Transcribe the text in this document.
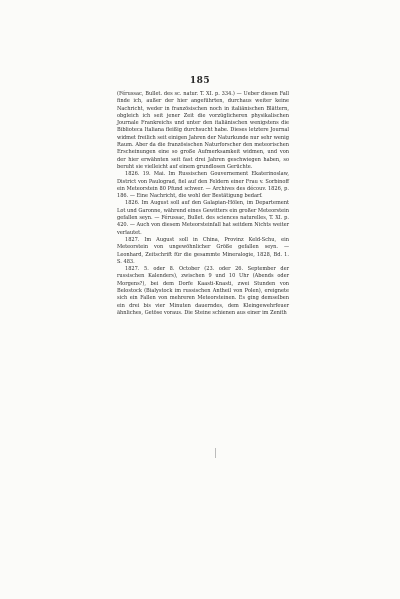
185

(Férussac, Bullet. des sc. natur. T. XI. p. 334.) — Ueber diesen Fall finde ich, außer der hier angeführten, durchaus weiter keine Nachricht, weder in französischen noch in italiänischen Blättern, obgleich ich seit jener Zeit die vorzüglicheren physikalischen Journale Frankreichs und unter den italiänischen wenigstens die Biblioteca Italiana fleißig durchsucht habe. Dieses letztere Journal widmet freilich seit einigen Jahren der Naturkunde nur sehr wenig Raum. Aber da die französischen Naturforscher den meteorischen Erscheinungen eine so große Aufmerksamkeit widmen, und von der hier erwähnten seit fast drei Jahren geschwiegen haben, so beruht sie vielleicht auf einem grundlosen Gerüchte.

1826. 19. Mai. Im Russischen Gouvernement Ekaterinoslaw, District von Paulograd, fiel auf den Feldern einer Frau v. Sorbinoff ein Meteorstein 80 Pfund schwer. — Archives des découv. 1826, p. 186. — Eine Nachricht, die wohl der Bestätigung bedarf.

1826. Im August soll auf den Galapian-Hölen, im Departement Lot und Garonne, während eines Gewitters ein großer Meteorstein gefallen seyn. — Férussac, Bullet. des sciences naturelles, T. XI. p. 420. — Auch von diesem Meteorsteinfall hat seitdem Nichts weiter verlautet.

1827. Im August soll in China, Provinz Keld-Schu, ein Meteorstein von ungewöhnlicher Größe gefallen seyn. — Leonhard, Zeitschrift für die gesammte Mineralogie, 1828, Bd. 1. S. 483.

1827. 5. oder 8. October (23. oder 26. September der russischen Kalenders), zwischen 9 und 10 Uhr (Abends oder Morgens?), bei dem Dorfe Kaasti-Knasti, zwei Stunden von Belostock (Bialystock im russischen Antheil von Polen), ereignete sich ein Fallen von mehreren Meteorsteinen. Es ging demselben ein drei bis vier Minuten dauerndes, dem Kleingewehrfeuer ähnliches, Getöse voraus. Die Steine schienen aus einer im Zenith
